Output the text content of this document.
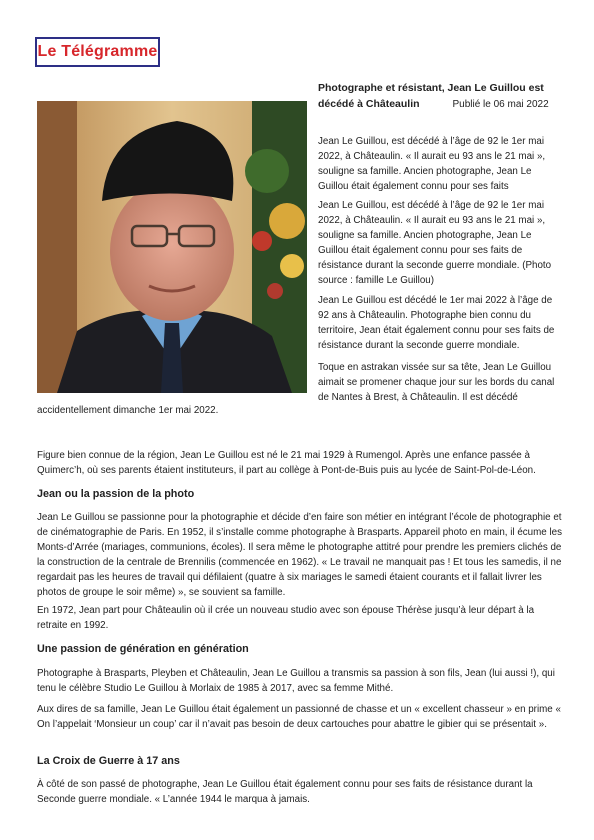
Le Télégramme
Photographe et résistant, Jean Le Guillou est décédé à Châteaulin	Publié le 06 mai 2022

Jean Le Guillou, est décédé à l’âge de 92 le 1er mai 2022, à Châteaulin. « Il aurait eu 93 ans le 21 mai », souligne sa famille. Ancien photographe, Jean Le Guillou était également connu pour ses faits

Jean Le Guillou, est décédé à l’âge de 92 le 1er mai 2022, à Châteaulin. « Il aurait eu 93 ans le 21 mai », souligne sa famille. Ancien photographe, Jean Le Guillou était également connu pour ses faits de résistance durant la seconde guerre mondiale. (Photo source : famille Le Guillou)

Jean Le Guillou est décédé le 1er mai 2022 à l’âge de 92 ans à Châteaulin. Photographe bien connu du territoire, Jean était également connu pour ses faits de résistance durant la seconde guerre mondiale.

Toque en astrakan vissée sur sa tête, Jean Le Guillou aimait se promener chaque jour sur les bords du canal de Nantes à Brest, à Châteaulin. Il est décédé

accidentellement dimanche 1er mai 2022.

Figure bien connue de la région, Jean Le Guillou est né le 21 mai 1929 à Rumengol. Après une enfance passée à Quimerc’h, où ses parents étaient instituteurs, il part au collège à Pont-de-Buis puis au lycée de Saint-Pol-de-Léon.

Jean ou la passion de la photo

Jean Le Guillou se passionne pour la photographie et décide d’en faire son métier en intégrant l’école de photographie et de cinématographie de Paris. En 1952, il s’installe comme photographe à Brasparts. Appareil photo en main, il écume les Monts-d’Arrée (mariages, communions, écoles). Il sera même le photographe attitré pour prendre les premiers clichés de la construction de la centrale de Brennilis (commencée en 1962). « Le travail ne manquait pas ! Et tous les samedis, il ne regardait pas les heures de travail qui défilaient (quatre à six mariages le samedi étaient courants et il fallait livrer les photos de groupe le soir même) », se souvient sa famille.

En 1972, Jean part pour Châteaulin où il crée un nouveau studio avec son épouse Thérèse jusqu’à leur départ à la retraite en 1992.

Une passion de génération en génération

Photographe à Brasparts, Pleyben et Châteaulin, Jean Le Guillou a transmis sa passion à son fils, Jean (lui aussi !), qui tenu le célèbre Studio Le Guillou à Morlaix de 1985 à 2017, avec sa femme Mithé.

Aux dires de sa famille, Jean Le Guillou était également un passionné de chasse et un « excellent chasseur » en prime « On l’appelait ‘Monsieur un coup’ car il n’avait pas besoin de deux cartouches pour abattre le gibier qui se présentait ».

La Croix de Guerre à 17 ans

À côté de son passé de photographe, Jean Le Guillou était également connu pour ses faits de résistance durant la Seconde guerre mondiale. « L’année 1944 le marqua à jamais.
